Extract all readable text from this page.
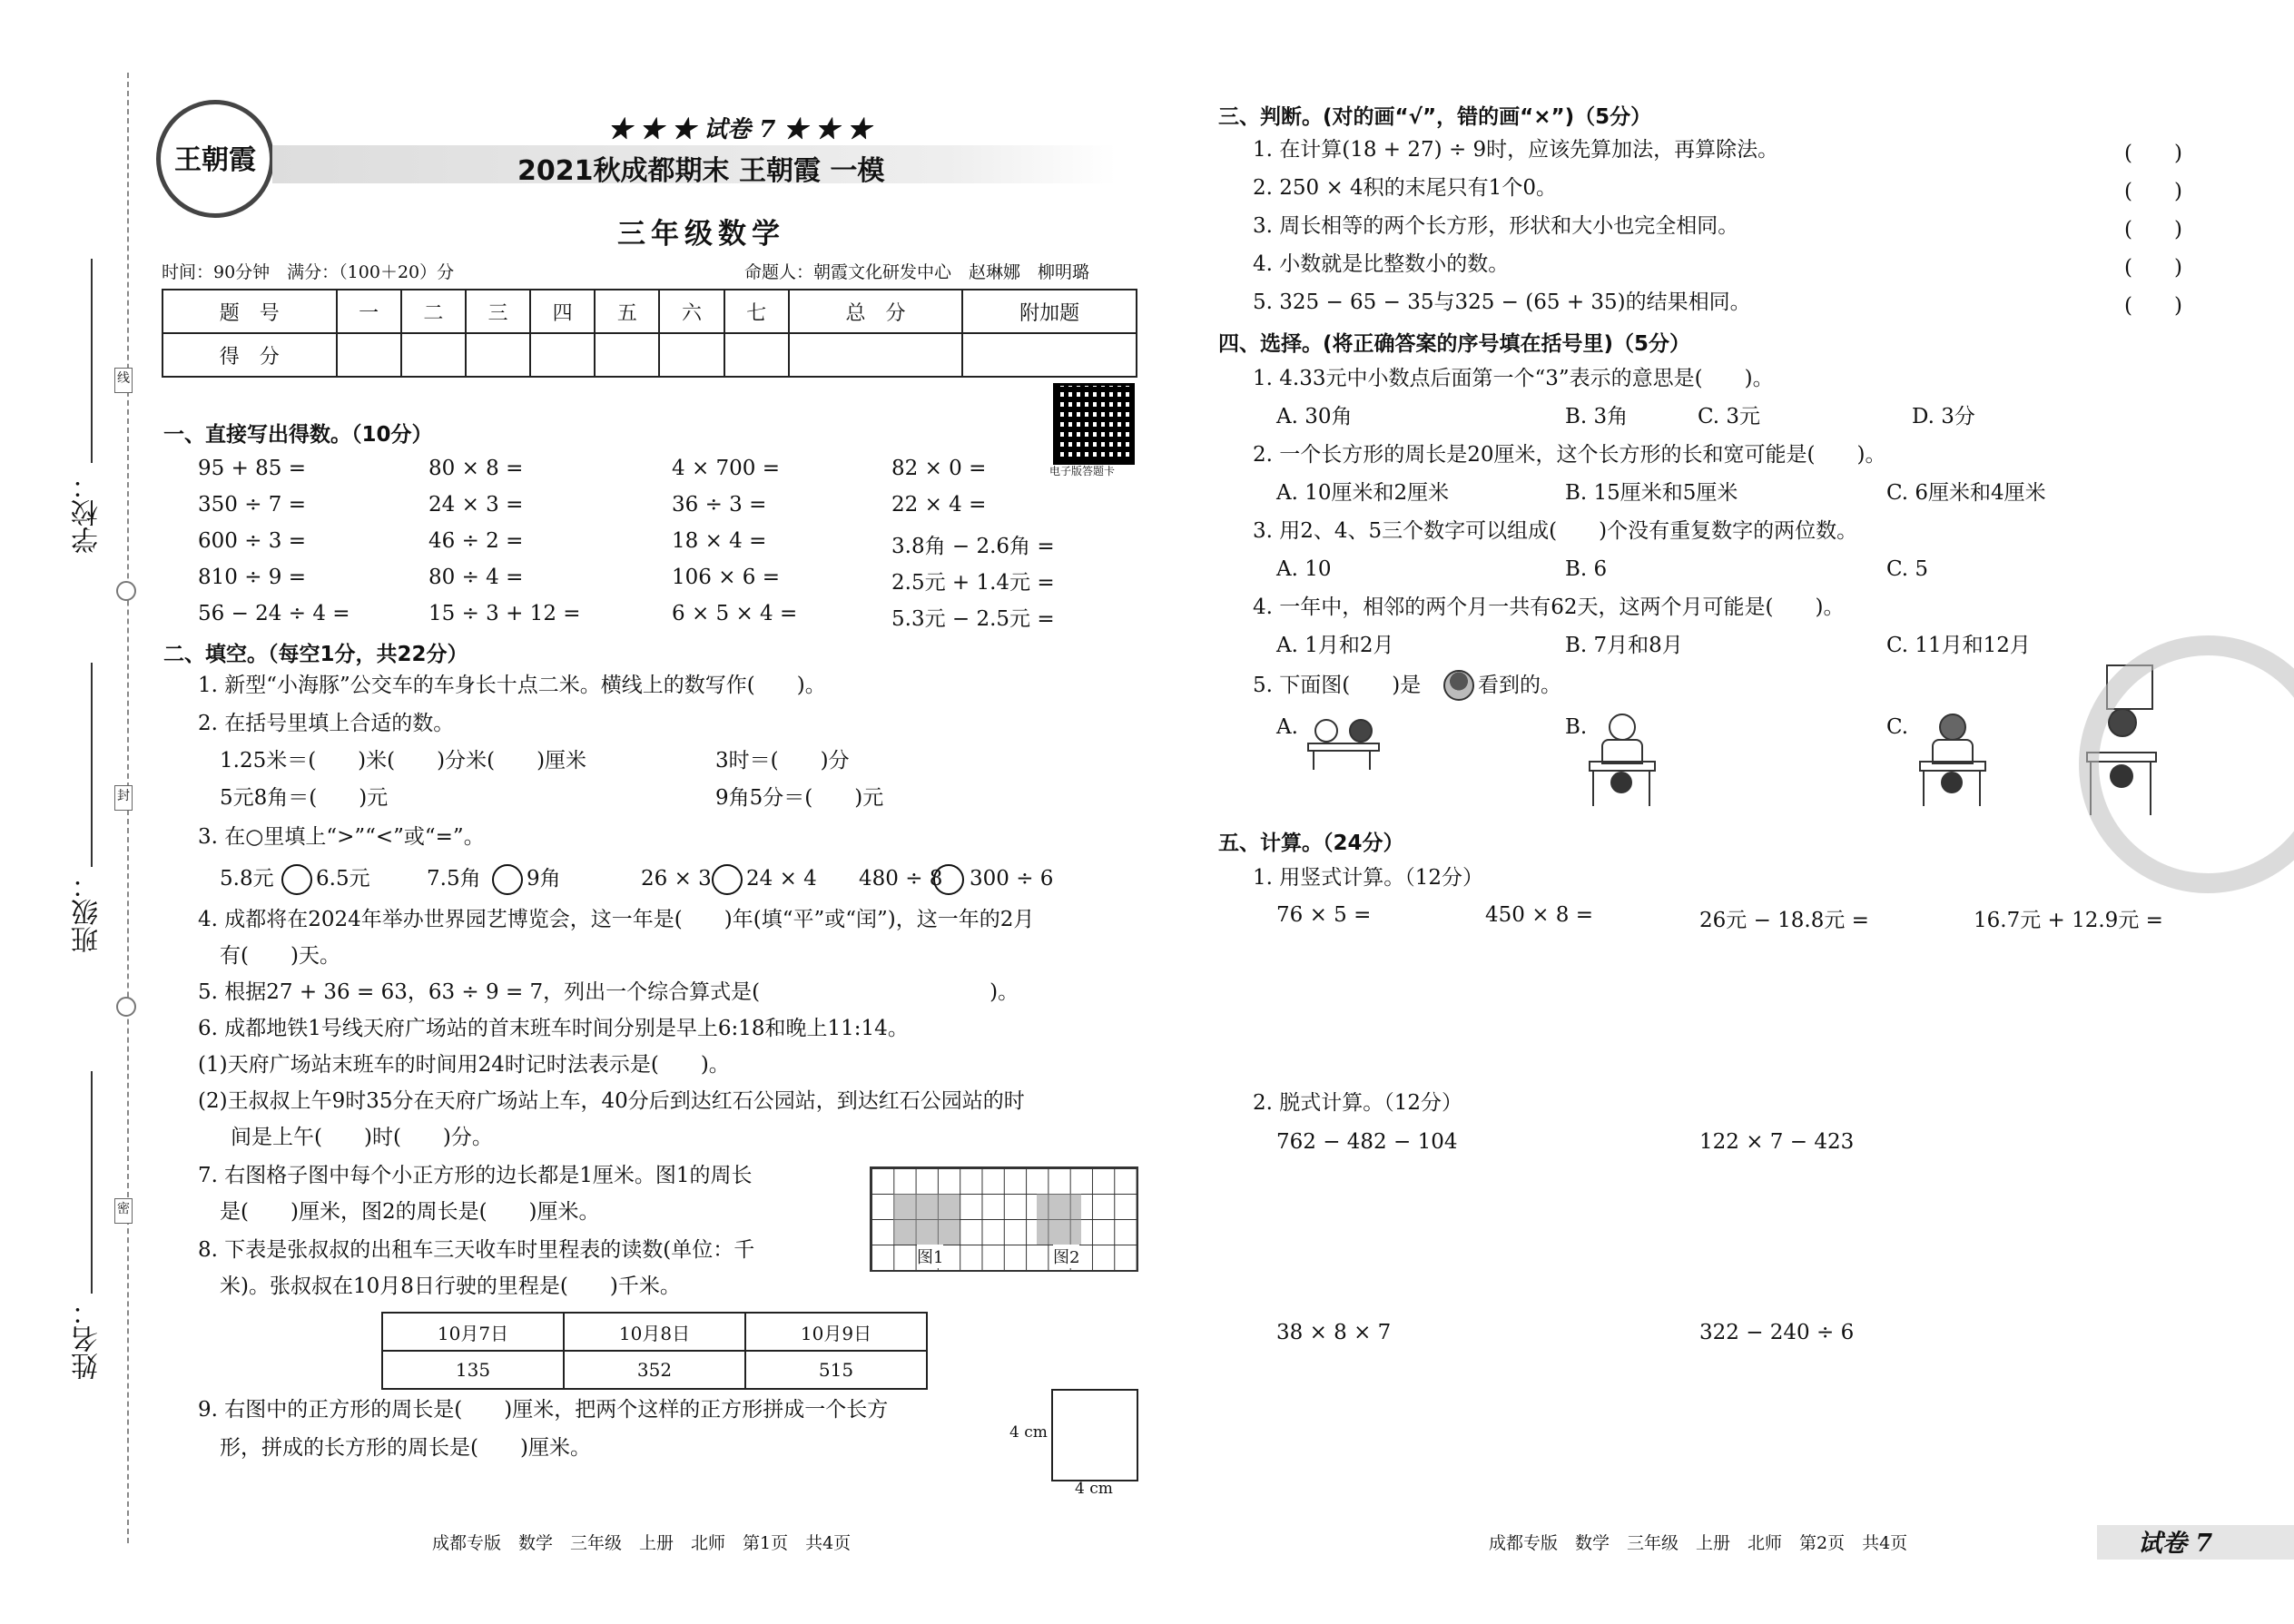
学校：
班级：
姓名：
线
封
密
王朝霞
★ ★ ★ 试卷 7 ★ ★ ★
2021秋成都期末 王朝霞 一模
三年级数学
时间：90分钟　满分：（100＋20）分	命题人：朝霞文化研发中心　赵琳娜　柳明璐
题　号	一	二	三	四	五	六	七	总　分	附加题
得　分									
电子版答题卡
一、直接写出得数。（10分）
95 + 85 =	80 × 8 =	4 × 700 =	82 × 0 =
350 ÷ 7 =	24 × 3 =	36 ÷ 3 =	22 × 4 =
600 ÷ 3 =	46 ÷ 2 =	18 × 4 =	3.8角 − 2.6角 =
810 ÷ 9 =	80 ÷ 4 =	106 × 6 =	2.5元 + 1.4元 =
56 − 24 ÷ 4 =	15 ÷ 3 + 12 =	6 × 5 × 4 =	5.3元 − 2.5元 =
二、填空。（每空1分，共22分）
1. 新型“小海豚”公交车的车身长十点二米。横线上的数写作(　　)。
2. 在括号里填上合适的数。
1.25米＝(　　)米(　　)分米(　　)厘米	3时＝(　　)分
5元8角＝(　　)元	9角5分＝(　　)元
3. 在○里填上“>”“<”或“=”。
5.8元 6.5元	7.5角 9角	26 × 3 24 × 4 480 ÷ 8 300 ÷ 6
4. 成都将在2024年举办世界园艺博览会，这一年是(　　)年(填“平”或“闰”)，这一年的2月
有(　　)天。
5. 根据27 + 36 = 63，63 ÷ 9 = 7，列出一个综合算式是(　　　　　　　　　　　)。
6. 成都地铁1号线天府广场站的首末班车时间分别是早上6:18和晚上11:14。
(1)天府广场站末班车的时间用24时记时法表示是(　　)。
(2)王叔叔上午9时35分在天府广场站上车，40分后到达红石公园站，到达红石公园站的时
间是上午(　　)时(　　)分。
7. 右图格子图中每个小正方形的边长都是1厘米。图1的周长
是(　　)厘米，图2的周长是(　　)厘米。
图1	图2
8. 下表是张叔叔的出租车三天收车时里程表的读数(单位：千
米)。张叔叔在10月8日行驶的里程是(　　)千米。
10月7日	10月8日	10月9日
135	352	515
9. 右图中的正方形的周长是(　　)厘米，把两个这样的正方形拼成一个长方
形，拼成的长方形的周长是(　　)厘米。
4 cm
4 cm
成都专版　数学　三年级　上册　北师　第1页　共4页
三、判断。(对的画“√”，错的画“×”)（5分）
1. 在计算(18 + 27) ÷ 9时，应该先算加法，再算除法。	(　　)
2. 250 × 4积的末尾只有1个0。	(　　)
3. 周长相等的两个长方形，形状和大小也完全相同。	(　　)
4. 小数就是比整数小的数。	(　　)
5. 325 − 65 − 35与325 − (65 + 35)的结果相同。	(　　)
四、选择。(将正确答案的序号填在括号里)（5分）
1. 4.33元中小数点后面第一个“3”表示的意思是(　　)。
A. 30角	B. 3角	C. 3元	D. 3分
2. 一个长方形的周长是20厘米，这个长方形的长和宽可能是(　　)。
A. 10厘米和2厘米	B. 15厘米和5厘米	C. 6厘米和4厘米
3. 用2、4、5三个数字可以组成(　　)个没有重复数字的两位数。
A. 10	B. 6	C. 5
4. 一年中，相邻的两个月一共有62天，这两个月可能是(　　)。
A. 1月和2月	B. 7月和8月	C. 11月和12月
5. 下面图(　　)是	看到的。
A.	B.	C.
五、计算。（24分）
1. 用竖式计算。（12分）
76 × 5 =	450 × 8 =	26元 − 18.8元 =	16.7元 + 12.9元 =
2. 脱式计算。（12分）
762 − 482 − 104	122 × 7 − 423
38 × 8 × 7	322 − 240 ÷ 6
成都专版　数学　三年级　上册　北师　第2页　共4页	试卷 7
